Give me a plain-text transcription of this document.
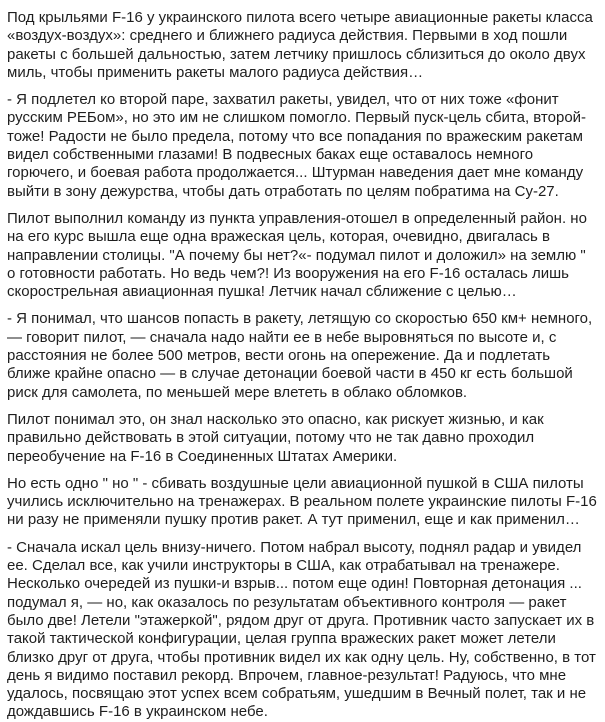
Под крыльями F-16 у украинского пилота всего четыре авиационные ракеты класса «воздух-воздух»: среднего и ближнего радиуса действия. Первыми в ход пошли ракеты с большей дальностью, затем летчику пришлось сблизиться до около двух миль, чтобы применить ракеты малого радиуса действия…

- Я подлетел ко второй паре, захватил ракеты, увидел, что от них тоже «фонит русским РЕБом», но это им не слишком помогло. Первый пуск-цель сбита, второй-тоже! Радости не было предела, потому что все попадания по вражеским ракетам видел собственными глазами! В подвесных баках еще оставалось немного горючего, и боевая работа продолжается... Штурман наведения дает мне команду выйти в зону дежурства, чтобы дать отработать по целям побратима на Су-27.

Пилот выполнил команду из пункта управления-отошел в определенный район. но на его курс вышла еще одна вражеская цель, которая, очевидно, двигалась в направлении столицы. "А почему бы нет?«- подумал пилот и доложил» на землю " о готовности работать. Но ведь чем?! Из вооружения на его F-16 осталась лишь скорострельная авиационная пушка! Летчик начал сближение с целью…

- Я понимал, что шансов попасть в ракету, летящую со скоростью 650 км+ немного, — говорит пилот, — сначала надо найти ее в небе выровняться по высоте и, с расстояния не более 500 метров, вести огонь на опережение. Да и подлетать ближе крайне опасно — в случае детонации боевой части в 450 кг есть большой риск для самолета, по меньшей мере влететь в облако обломков.

Пилот понимал это, он знал насколько это опасно, как рискует жизнью, и как правильно действовать в этой ситуации, потому что не так давно проходил переобучение на F-16 в Соединенных Штатах Америки.

Но есть одно " но " - сбивать воздушные цели авиационной пушкой в США пилоты учились исключительно на тренажерах. В реальном полете украинские пилоты F-16 ни разу не применяли пушку против ракет. А тут применил, еще и как применил…

- Сначала искал цель внизу-ничего. Потом набрал высоту, поднял радар и увидел ее. Сделал все, как учили инструкторы в США, как отрабатывал на тренажере. Несколько очередей из пушки-и взрыв... потом еще один! Повторная детонация ... подумал я, — но, как оказалось по результатам объективного контроля — ракет было две! Летели "этажеркой", рядом друг от друга. Противник часто запускает их в такой тактической конфигурации, целая группа вражеских ракет может летели близко друг от друга, чтобы противник видел их как одну цель. Ну, собственно, в тот день я видимо поставил рекорд. Впрочем, главное-результат! Радуюсь, что мне удалось, посвящаю этот успех всем собратьям, ушедшим в Вечный полет, так и не дождавшись F-16 в украинском небе.
